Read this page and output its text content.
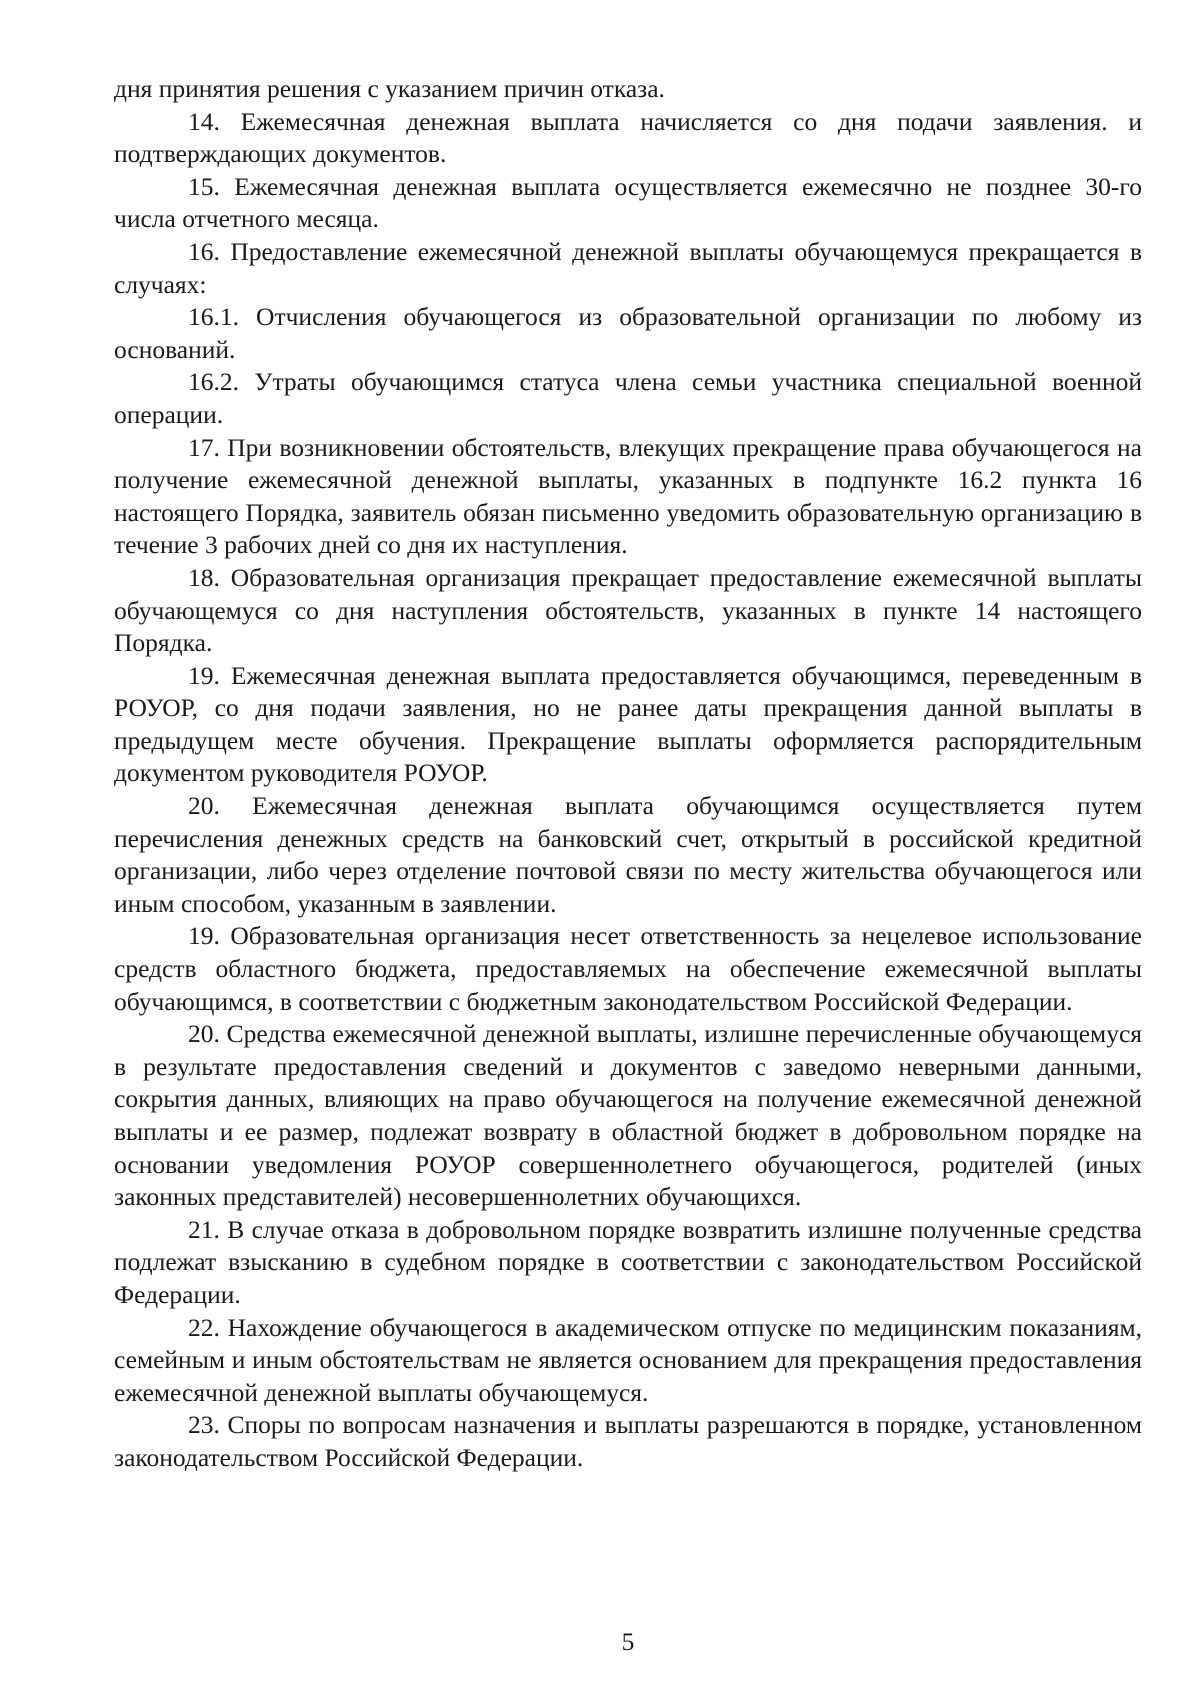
дня принятия решения с указанием причин отказа.

14. Ежемесячная денежная выплата начисляется со дня подачи заявления. и подтверждающих документов.

15. Ежемесячная денежная выплата осуществляется ежемесячно не позднее 30-го числа отчетного месяца.

16. Предоставление ежемесячной денежной выплаты обучающемуся прекращается в случаях:

16.1. Отчисления обучающегося из образовательной организации по любому из оснований.

16.2. Утраты обучающимся статуса члена семьи участника специальной военной операции.

17. При возникновении обстоятельств, влекущих прекращение права обучающегося на получение ежемесячной денежной выплаты, указанных в подпункте 16.2 пункта 16 настоящего Порядка, заявитель обязан письменно уведомить образовательную организацию в течение 3 рабочих дней со дня их наступления.

18. Образовательная организация прекращает предоставление ежемесячной выплаты обучающемуся со дня наступления обстоятельств, указанных в пункте 14 настоящего Порядка.

19. Ежемесячная денежная выплата предоставляется обучающимся, переведенным в РОУОР, со дня подачи заявления, но не ранее даты прекращения данной выплаты в предыдущем месте обучения. Прекращение выплаты оформляется распорядительным документом руководителя РОУОР.

20. Ежемесячная денежная выплата обучающимся осуществляется путем перечисления денежных средств на банковский счет, открытый в российской кредитной организации, либо через отделение почтовой связи по месту жительства обучающегося или иным способом, указанным в заявлении.

19. Образовательная организация несет ответственность за нецелевое использование средств областного бюджета, предоставляемых на обеспечение ежемесячной выплаты обучающимся, в соответствии с бюджетным законодательством Российской Федерации.

20. Средства ежемесячной денежной выплаты, излишне перечисленные обучающемуся в результате предоставления сведений и документов с заведомо неверными данными, сокрытия данных, влияющих на право обучающегося на получение ежемесячной денежной выплаты и ее размер, подлежат возврату в областной бюджет в добровольном порядке на основании уведомления РОУОР совершеннолетнего обучающегося, родителей (иных законных представителей) несовершеннолетних обучающихся.

21. В случае отказа в добровольном порядке возвратить излишне полученные средства подлежат взысканию в судебном порядке в соответствии с законодательством Российской Федерации.

22. Нахождение обучающегося в академическом отпуске по медицинским показаниям, семейным и иным обстоятельствам не является основанием для прекращения предоставления ежемесячной денежной выплаты обучающемуся.

23. Споры по вопросам назначения и выплаты разрешаются в порядке, установленном законодательством Российской Федерации.

5
